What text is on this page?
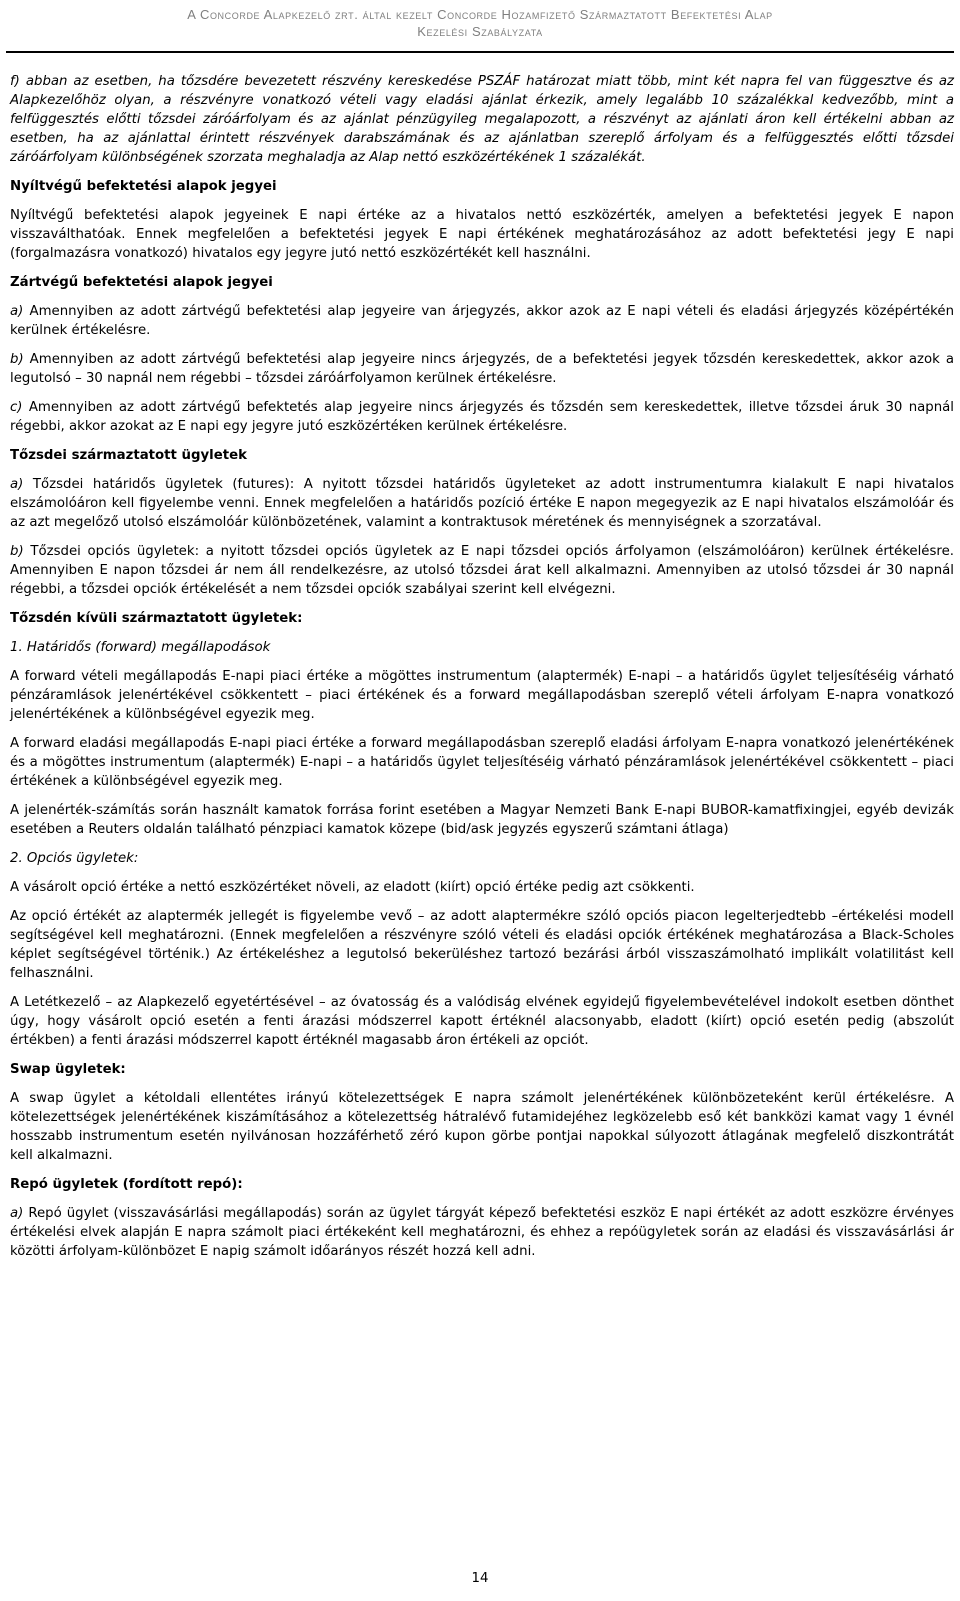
A Concorde Alapkezelő zrt. által kezelt Concorde Hozamfizető Származtatott Befektetési Alap
Kezelési Szabályzata

f) abban az esetben, ha tőzsdére bevezetett részvény kereskedése PSZÁF határozat miatt több, mint két napra fel van függesztve és az Alapkezelőhöz olyan, a részvényre vonatkozó vételi vagy eladási ajánlat érkezik, amely legalább 10 százalékkal kedvezőbb, mint a felfüggesztés előtti tőzsdei záróárfolyam és az ajánlat pénzügyileg megalapozott, a részvényt az ajánlati áron kell értékelni abban az esetben, ha az ajánlattal érintett részvények darabszámának és az ajánlatban szereplő árfolyam és a felfüggesztés előtti tőzsdei záróárfolyam különbségének szorzata meghaladja az Alap nettó eszközértékének 1 százalékát.

Nyíltvégű befektetési alapok jegyei

Nyíltvégű befektetési alapok jegyeinek E napi értéke az a hivatalos nettó eszközérték, amelyen a befektetési jegyek E napon visszaválthatóak. Ennek megfelelően a befektetési jegyek E napi értékének meghatározásához az adott befektetési jegy E napi (forgalmazásra vonatkozó) hivatalos egy jegyre jutó nettó eszközértékét kell használni.

Zártvégű befektetési alapok jegyei

a) Amennyiben az adott zártvégű befektetési alap jegyeire van árjegyzés, akkor azok az E napi vételi és eladási árjegyzés középértékén kerülnek értékelésre.

b) Amennyiben az adott zártvégű befektetési alap jegyeire nincs árjegyzés, de a befektetési jegyek tőzsdén kereskedettek, akkor azok a legutolsó – 30 napnál nem régebbi – tőzsdei záróárfolyamon kerülnek értékelésre.

c) Amennyiben az adott zártvégű befektetés alap jegyeire nincs árjegyzés és tőzsdén sem kereskedettek, illetve tőzsdei áruk 30 napnál régebbi, akkor azokat az E napi egy jegyre jutó eszközértéken kerülnek értékelésre.

Tőzsdei származtatott ügyletek

a) Tőzsdei határidős ügyletek (futures): A nyitott tőzsdei határidős ügyleteket az adott instrumentumra kialakult E napi hivatalos elszámolóáron kell figyelembe venni. Ennek megfelelően a határidős pozíció értéke E napon megegyezik az E napi hivatalos elszámolóár és az azt megelőző utolsó elszámolóár különbözetének, valamint a kontraktusok méretének és mennyiségnek a szorzatával.

b) Tőzsdei opciós ügyletek: a nyitott tőzsdei opciós ügyletek az E napi tőzsdei opciós árfolyamon (elszámolóáron) kerülnek értékelésre. Amennyiben E napon tőzsdei ár nem áll rendelkezésre, az utolsó tőzsdei árat kell alkalmazni. Amennyiben az utolsó tőzsdei ár 30 napnál régebbi, a tőzsdei opciók értékelését a nem tőzsdei opciók szabályai szerint kell elvégezni.

Tőzsdén kívüli származtatott ügyletek:

1. Határidős (forward) megállapodások

A forward vételi megállapodás E-napi piaci értéke a mögöttes instrumentum (alaptermék) E-napi – a határidős ügylet teljesítéséig várható pénzáramlások jelenértékével csökkentett – piaci értékének és a forward megállapodásban szereplő vételi árfolyam E-napra vonatkozó jelenértékének a különbségével egyezik meg.

A forward eladási megállapodás E-napi piaci értéke a forward megállapodásban szereplő eladási árfolyam E-napra vonatkozó jelenértékének és a mögöttes instrumentum (alaptermék) E-napi – a határidős ügylet teljesítéséig várható pénzáramlások jelenértékével csökkentett – piaci értékének a különbségével egyezik meg.

A jelenérték-számítás során használt kamatok forrása forint esetében a Magyar Nemzeti Bank E-napi BUBOR-kamatfixingjei, egyéb devizák esetében a Reuters oldalán található pénzpiaci kamatok közepe (bid/ask jegyzés egyszerű számtani átlaga)

2. Opciós ügyletek:

A vásárolt opció értéke a nettó eszközértéket növeli, az eladott (kiírt) opció értéke pedig azt csökkenti.

Az opció értékét az alaptermék jellegét is figyelembe vevő – az adott alaptermékre szóló opciós piacon legelterjedtebb –értékelési modell segítségével kell meghatározni. (Ennek megfelelően a részvényre szóló vételi és eladási opciók értékének meghatározása a Black-Scholes képlet segítségével történik.) Az értékeléshez a legutolsó bekerüléshez tartozó bezárási árból visszaszámolható implikált volatilitást kell felhasználni.

A Letétkezelő – az Alapkezelő egyetértésével – az óvatosság és a valódiság elvének egyidejű figyelembevételével indokolt esetben dönthet úgy, hogy vásárolt opció esetén a fenti árazási módszerrel kapott értéknél alacsonyabb, eladott (kiírt) opció esetén pedig (abszolút értékben) a fenti árazási módszerrel kapott értéknél magasabb áron értékeli az opciót.

Swap ügyletek:

A swap ügylet a kétoldali ellentétes irányú kötelezettségek E napra számolt jelenértékének különbözeteként kerül értékelésre. A kötelezettségek jelenértékének kiszámításához a kötelezettség hátralévő futamidejéhez legközelebb eső két bankközi kamat vagy 1 évnél hosszabb instrumentum esetén nyilvánosan hozzáférhető zéró kupon görbe pontjai napokkal súlyozott átlagának megfelelő diszkontrátát kell alkalmazni.

Repó ügyletek (fordított repó):

a) Repó ügylet (visszavásárlási megállapodás) során az ügylet tárgyát képező befektetési eszköz E napi értékét az adott eszközre érvényes értékelési elvek alapján E napra számolt piaci értékeként kell meghatározni, és ehhez a repóügyletek során az eladási és visszavásárlási ár közötti árfolyam-különbözet E napig számolt időarányos részét hozzá kell adni.

14
